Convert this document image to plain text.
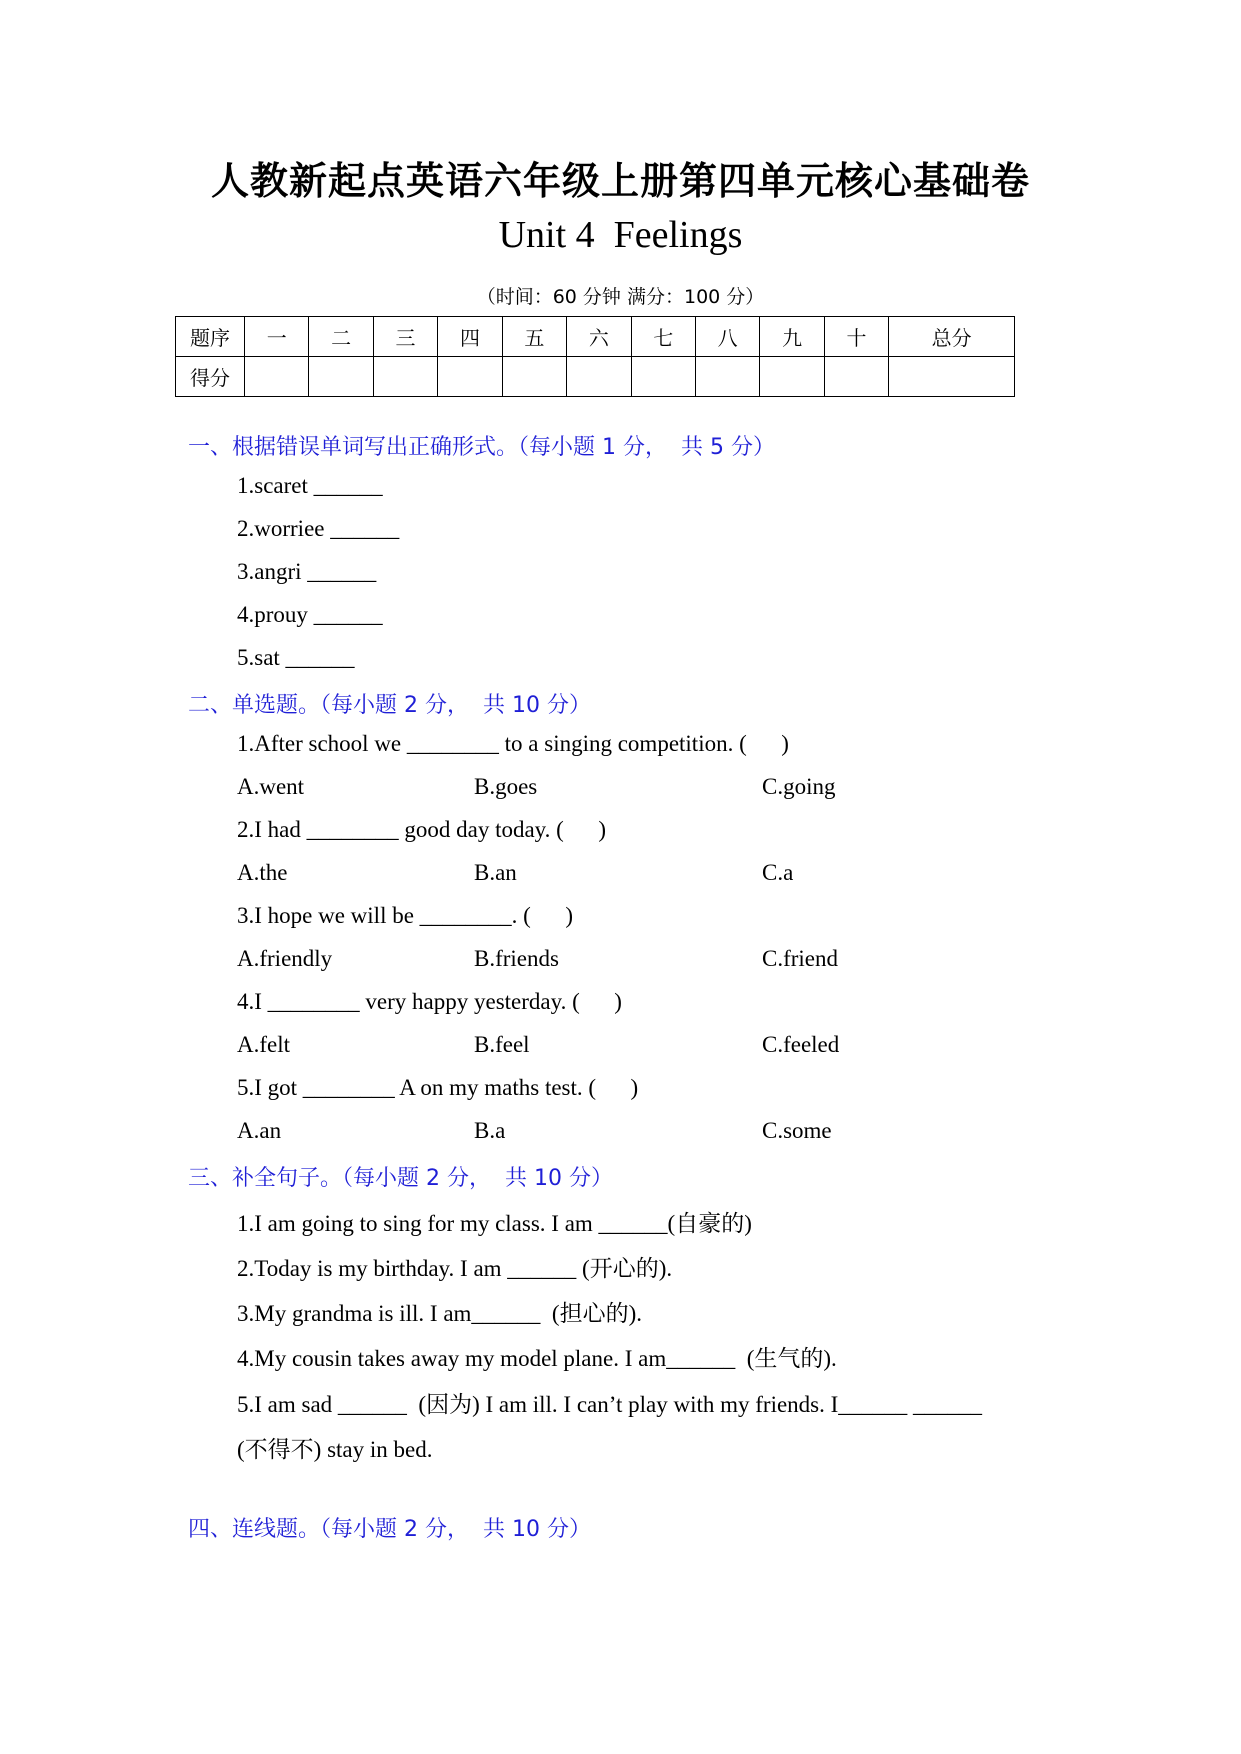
人教新起点英语六年级上册第四单元核心基础卷
Unit 4  Feelings
（时间：60 分钟 满分：100 分）
题序	一	二	三	四	五	六	七	八	九	十	总分
得分											
一、根据错误单词写出正确形式。（每小题 1 分，  共 5 分）
1.scaret ______
2.worriee ______
3.angri ______
4.prouy ______
5.sat ______
二、单选题。（每小题 2 分，  共 10 分）
1.After school we ________ to a singing competition. (      )
A.went	B.goes	C.going
2.I had ________ good day today. (      )
A.the	B.an	C.a
3.I hope we will be ________. (      )
A.friendly	B.friends	C.friend
4.I ________ very happy yesterday. (      )
A.felt	B.feel	C.feeled
5.I got ________ A on my maths test. (      )
A.an	B.a	C.some
三、补全句子。（每小题 2 分，  共 10 分）
1.I am going to sing for my class. I am ______(自豪的)
2.Today is my birthday. I am ______ (开心的).
3.My grandma is ill. I am______  (担心的).
4.My cousin takes away my model plane. I am______  (生气的).
5.I am sad ______  (因为) I am ill. I can’t play with my friends. I______ ______
(不得不) stay in bed.
四、连线题。（每小题 2 分，  共 10 分）
